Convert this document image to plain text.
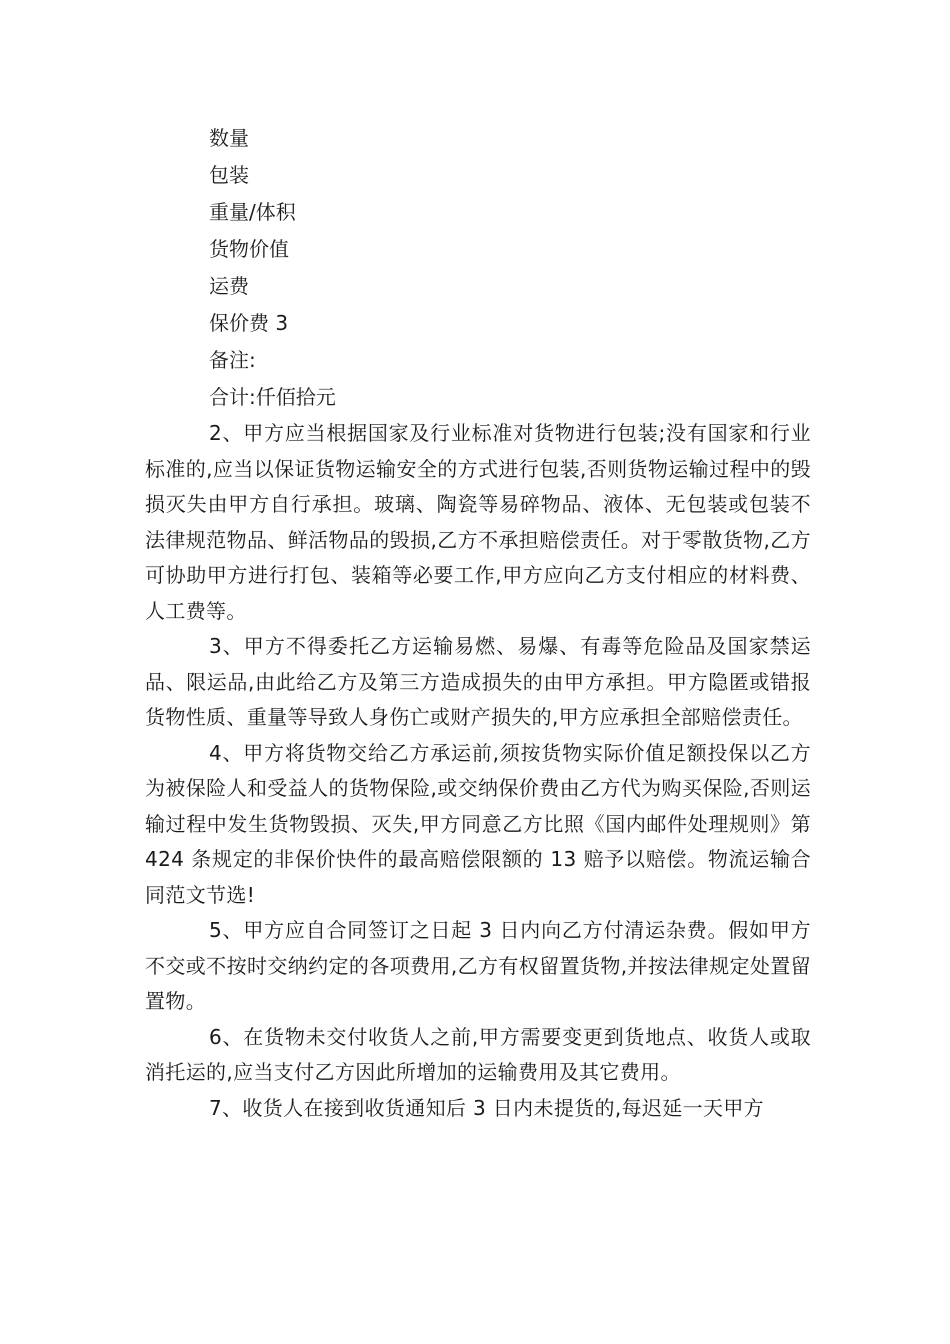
数量
包装
重量/体积
货物价值
运费
保价费 3
备注:
合计:仟佰拾元

2、甲方应当根据国家及行业标准对货物进行包装;没有国家和行业标准的,应当以保证货物运输安全的方式进行包装,否则货物运输过程中的毁损灭失由甲方自行承担。玻璃、陶瓷等易碎物品、液体、无包装或包装不法律规范物品、鲜活物品的毁损,乙方不承担赔偿责任。对于零散货物,乙方可协助甲方进行打包、装箱等必要工作,甲方应向乙方支付相应的材料费、人工费等。

3、甲方不得委托乙方运输易燃、易爆、有毒等危险品及国家禁运品、限运品,由此给乙方及第三方造成损失的由甲方承担。甲方隐匿或错报货物性质、重量等导致人身伤亡或财产损失的,甲方应承担全部赔偿责任。

4、甲方将货物交给乙方承运前,须按货物实际价值足额投保以乙方为被保险人和受益人的货物保险,或交纳保价费由乙方代为购买保险,否则运输过程中发生货物毁损、灭失,甲方同意乙方比照《国内邮件处理规则》第 424 条规定的非保价快件的最高赔偿限额的 13 赔予以赔偿。物流运输合同范文节选!

5、甲方应自合同签订之日起 3 日内向乙方付清运杂费。假如甲方不交或不按时交纳约定的各项费用,乙方有权留置货物,并按法律规定处置留置物。

6、在货物未交付收货人之前,甲方需要变更到货地点、收货人或取消托运的,应当支付乙方因此所增加的运输费用及其它费用。

7、收货人在接到收货通知后 3 日内未提货的,每迟延一天甲方
